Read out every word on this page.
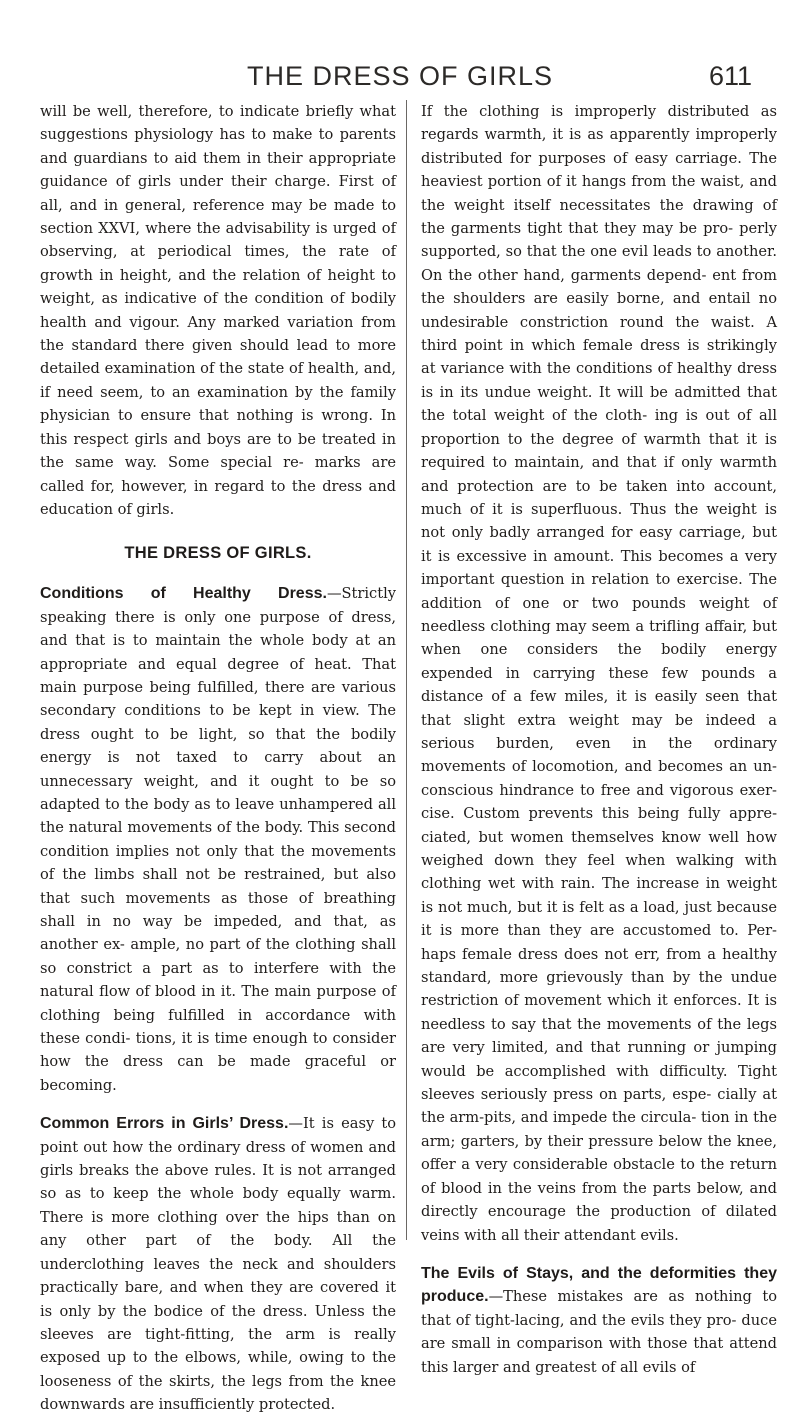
THE DRESS OF GIRLS	611

will be well, therefore, to indicate briefly what suggestions physiology has to make to parents and guardians to aid them in their appropriate guidance of girls under their charge. First of all, and in general, reference may be made to section XXVI, where the advisability is urged of observing, at periodical times, the rate of growth in height, and the relation of height to weight, as indicative of the condition of bodily health and vigour. Any marked variation from the standard there given should lead to more detailed examination of the state of health, and, if need seem, to an examination by the family physician to ensure that nothing is wrong. In this respect girls and boys are to be treated in the same way. Some special re- marks are called for, however, in regard to the dress and education of girls.

THE DRESS OF GIRLS.

Conditions of Healthy Dress.—Strictly speaking there is only one purpose of dress, and that is to maintain the whole body at an appropriate and equal degree of heat. That main purpose being fulfilled, there are various secondary conditions to be kept in view. The dress ought to be light, so that the bodily energy is not taxed to carry about an unnecessary weight, and it ought to be so adapted to the body as to leave unhampered all the natural movements of the body. This second condition implies not only that the movements of the limbs shall not be restrained, but also that such movements as those of breathing shall in no way be impeded, and that, as another ex- ample, no part of the clothing shall so constrict a part as to interfere with the natural flow of blood in it. The main purpose of clothing being fulfilled in accordance with these condi- tions, it is time enough to consider how the dress can be made graceful or becoming.

Common Errors in Girls’ Dress.—It is easy to point out how the ordinary dress of women and girls breaks the above rules. It is not arranged so as to keep the whole body equally warm. There is more clothing over the hips than on any other part of the body. All the underclothing leaves the neck and shoulders practically bare, and when they are covered it is only by the bodice of the dress. Unless the sleeves are tight-fitting, the arm is really exposed up to the elbows, while, owing to the looseness of the skirts, the legs from the knee downwards are insufficiently protected.

If the clothing is improperly distributed as regards warmth, it is as apparently improperly distributed for purposes of easy carriage. The heaviest portion of it hangs from the waist, and the weight itself necessitates the drawing of the garments tight that they may be pro- perly supported, so that the one evil leads to another. On the other hand, garments depend- ent from the shoulders are easily borne, and entail no undesirable constriction round the waist. A third point in which female dress is strikingly at variance with the conditions of healthy dress is in its undue weight. It will be admitted that the total weight of the cloth- ing is out of all proportion to the degree of warmth that it is required to maintain, and that if only warmth and protection are to be taken into account, much of it is superfluous. Thus the weight is not only badly arranged for easy carriage, but it is excessive in amount. This becomes a very important question in relation to exercise. The addition of one or two pounds weight of needless clothing may seem a trifling affair, but when one considers the bodily energy expended in carrying these few pounds a distance of a few miles, it is easily seen that that slight extra weight may be indeed a serious burden, even in the ordinary movements of locomotion, and becomes an un- conscious hindrance to free and vigorous exer- cise. Custom prevents this being fully appre- ciated, but women themselves know well how weighed down they feel when walking with clothing wet with rain. The increase in weight is not much, but it is felt as a load, just because it is more than they are accustomed to. Per- haps female dress does not err, from a healthy standard, more grievously than by the undue restriction of movement which it enforces. It is needless to say that the movements of the legs are very limited, and that running or jumping would be accomplished with difficulty. Tight sleeves seriously press on parts, espe- cially at the arm-pits, and impede the circula- tion in the arm; garters, by their pressure below the knee, offer a very considerable obstacle to the return of blood in the veins from the parts below, and directly encourage the production of dilated veins with all their attendant evils.

The Evils of Stays, and the deformities they produce.—These mistakes are as nothing to that of tight-lacing, and the evils they pro- duce are small in comparison with those that attend this larger and greatest of all evils of
